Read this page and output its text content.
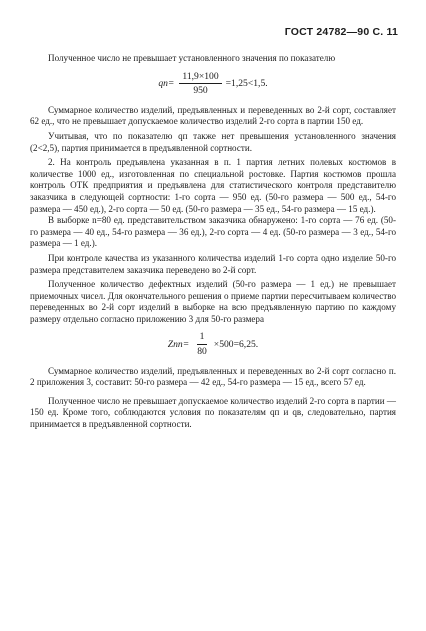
ГОСТ 24782—90 С. 11

Полученное число не превышает установленного значения по показателю

$qп= \frac{11,9\times 100}{950} =1,25<1,5$.

Суммарное количество изделий, предъявленных и переведенных во 2-й сорт, составляет 62 ед., что не превышает допускаемое количество изделий 2-го сорта в партии 150 ед.

Учитывая, что по показателю qп также нет превышения установленного значения (2<2,5), партия принимается в предъявленной сортности.

2. На контроль предъявлена указанная в п. 1 партия летних полевых костюмов в количестве 1000 ед., изготовленная по специальной ростовке. Партия костюмов прошла контроль ОТК предприятия и предъявлена для статистического контроля представителю заказчика в следующей сортности: 1-го сорта — 950 ед. (50-го размера — 500 ед., 54-го размера — 450 ед.), 2-го сорта — 50 ед. (50-го размера — 35 ед., 54-го размера — 15 ед.).

В выборке n=80 ед. представительством заказчика обнаружено: 1-го сорта — 76 ед. (50-го размера — 40 ед., 54-го размера — 36 ед.), 2-го сорта — 4 ед. (50-го размера — 3 ед., 54-го размера — 1 ед.).

При контроле качества из указанного количества изделий 1-го сорта одно изделие 50-го размера представителем заказчика переведено во 2-й сорт.

Полученное количество дефектных изделий (50-го размера — 1 ед.) не превышает приемочных чисел. Для окончательного решения о приеме партии пересчитываем количество переведенных во 2-й сорт изделий в выборке на всю предъявленную партию по каждому размеру отдельно согласно приложению 3 для 50-го размера

$Zпп= \frac{1}{80} \times 500=6,25$.

Суммарное количество изделий, предъявленных и переведенных во 2-й сорт согласно п. 2 приложения 3, составит: 50-го размера — 42 ед., 54-го размера — 15 ед., всего 57 ед.

Полученное число не превышает допускаемое количество изделий 2-го сорта в партии — 150 ед. Кроме того, соблюдаются условия по показателям qп и qв, следовательно, партия принимается в предъявленной сортности.
